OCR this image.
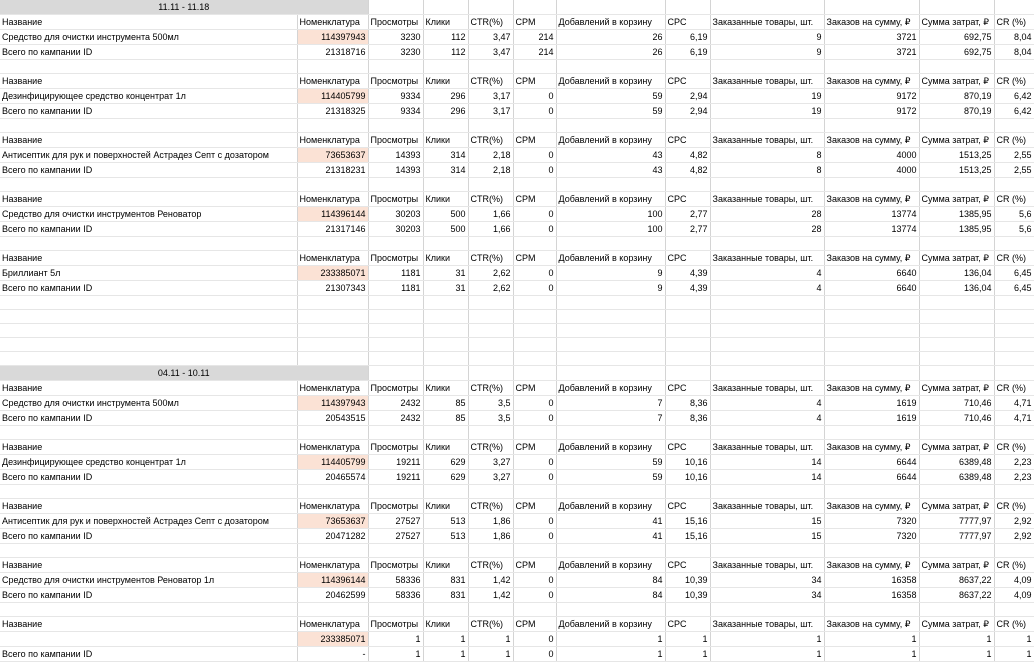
11.11 - 11.18											
Название	Номенклатура	Просмотры	Клики	CTR(%)	CPM	Добавлений в корзину	CPC	Заказанные товары, шт.	Заказов на сумму, ₽	Сумма затрат, ₽	CR (%)
Средство для очистки инструмента 500мл	114397943	3230	112	3,47	214	26	6,19	9	3721	692,75	8,04
Всего по кампании ID	21318716	3230	112	3,47	214	26	6,19	9	3721	692,75	8,04

Название	Номенклатура	Просмотры	Клики	CTR(%)	CPM	Добавлений в корзину	CPC	Заказанные товары, шт.	Заказов на сумму, ₽	Сумма затрат, ₽	CR (%)
Дезинфицирующее средство концентрат 1л	114405799	9334	296	3,17	0	59	2,94	19	9172	870,19	6,42
Всего по кампании ID	21318325	9334	296	3,17	0	59	2,94	19	9172	870,19	6,42

Название	Номенклатура	Просмотры	Клики	CTR(%)	CPM	Добавлений в корзину	CPC	Заказанные товары, шт.	Заказов на сумму, ₽	Сумма затрат, ₽	CR (%)
Антисептик для рук и поверхностей Астрадез Септ с дозатором	73653637	14393	314	2,18	0	43	4,82	8	4000	1513,25	2,55
Всего по кампании ID	21318231	14393	314	2,18	0	43	4,82	8	4000	1513,25	2,55

Название	Номенклатура	Просмотры	Клики	CTR(%)	CPM	Добавлений в корзину	CPC	Заказанные товары, шт.	Заказов на сумму, ₽	Сумма затрат, ₽	CR (%)
Средство для очистки инструментов Реноватор	114396144	30203	500	1,66	0	100	2,77	28	13774	1385,95	5,6
Всего по кампании ID	21317146	30203	500	1,66	0	100	2,77	28	13774	1385,95	5,6

Название	Номенклатура	Просмотры	Клики	CTR(%)	CPM	Добавлений в корзину	CPC	Заказанные товары, шт.	Заказов на сумму, ₽	Сумма затрат, ₽	CR (%)
Бриллиант 5л	233385071	1181	31	2,62	0	9	4,39	4	6640	136,04	6,45
Всего по кампании ID	21307343	1181	31	2,62	0	9	4,39	4	6640	136,04	6,45

04.11 - 10.11											
Название	Номенклатура	Просмотры	Клики	CTR(%)	CPM	Добавлений в корзину	CPC	Заказанные товары, шт.	Заказов на сумму, ₽	Сумма затрат, ₽	CR (%)
Средство для очистки инструмента 500мл	114397943	2432	85	3,5	0	7	8,36	4	1619	710,46	4,71
Всего по кампании ID	20543515	2432	85	3,5	0	7	8,36	4	1619	710,46	4,71

Название	Номенклатура	Просмотры	Клики	CTR(%)	CPM	Добавлений в корзину	CPC	Заказанные товары, шт.	Заказов на сумму, ₽	Сумма затрат, ₽	CR (%)
Дезинфицирующее средство концентрат 1л	114405799	19211	629	3,27	0	59	10,16	14	6644	6389,48	2,23
Всего по кампании ID	20465574	19211	629	3,27	0	59	10,16	14	6644	6389,48	2,23

Название	Номенклатура	Просмотры	Клики	CTR(%)	CPM	Добавлений в корзину	CPC	Заказанные товары, шт.	Заказов на сумму, ₽	Сумма затрат, ₽	CR (%)
Антисептик для рук и поверхностей Астрадез Септ с дозатором	73653637	27527	513	1,86	0	41	15,16	15	7320	7777,97	2,92
Всего по кампании ID	20471282	27527	513	1,86	0	41	15,16	15	7320	7777,97	2,92

Название	Номенклатура	Просмотры	Клики	CTR(%)	CPM	Добавлений в корзину	CPC	Заказанные товары, шт.	Заказов на сумму, ₽	Сумма затрат, ₽	CR (%)
Средство для очистки инструментов Реноватор 1л	114396144	58336	831	1,42	0	84	10,39	34	16358	8637,22	4,09
Всего по кампании ID	20462599	58336	831	1,42	0	84	10,39	34	16358	8637,22	4,09

Название	Номенклатура	Просмотры	Клики	CTR(%)	CPM	Добавлений в корзину	CPC	Заказанные товары, шт.	Заказов на сумму, ₽	Сумма затрат, ₽	CR (%)
	233385071	1	1	1	0	1	1	1	1	1	1
Всего по кампании ID	-	1	1	1	0	1	1	1	1	1	1
